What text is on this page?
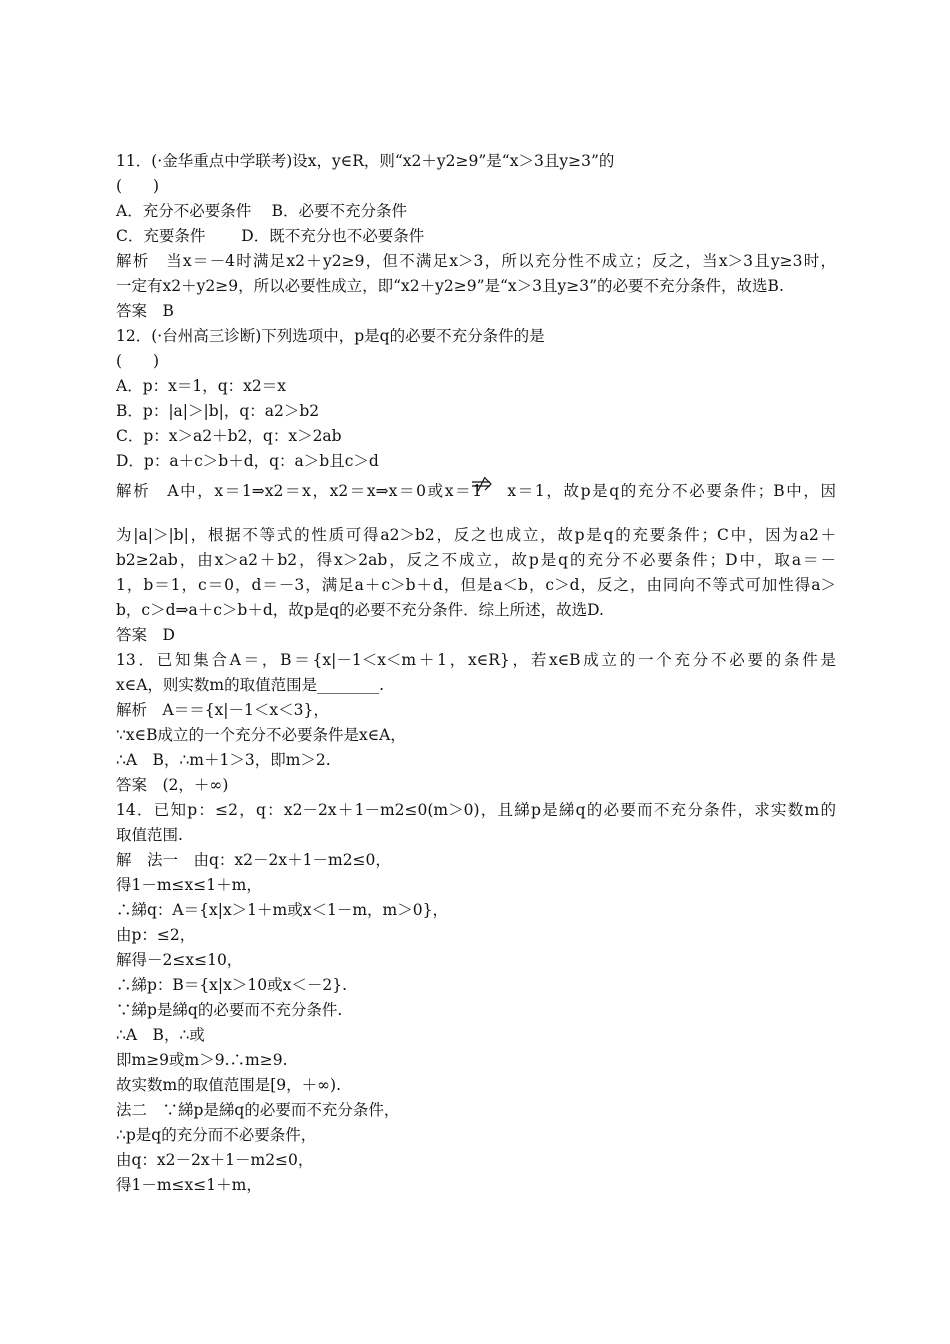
11．(·金华重点中学联考)设x，y∈R，则“x2＋y2≥9”是“x＞3且y≥3”的
(　　)
A．充分不必要条件　 B．必要不充分条件
C．充要条件　　 D．既不充分也不必要条件
解析　当x＝－4时满足x2＋y2≥9，但不满足x＞3，所以充分性不成立；反之，当x＞3且y≥3时，
一定有x2＋y2≥9，所以必要性成立，即“x2＋y2≥9”是“x＞3且y≥3”的必要不充分条件，故选B.
答案　B
12．(·台州高三诊断)下列选项中，p是q的必要不充分条件的是
(　　)
A．p：x＝1，q：x2＝x
B．p：|a|＞|b|，q：a2＞b2
C．p：x＞a2＋b2，q：x＞2ab
D．p：a＋c＞b＋d，q：a＞b且c＞d
解析　A中，x＝1⇒x2＝x，x2＝x⇒x＝0或x＝1　 x＝1，故p是q的充分不必要条件；B中，因
为|a|＞|b|，根据不等式的性质可得a2＞b2，反之也成立，故p是q的充要条件；C中，因为a2＋
b2≥2ab，由x＞a2＋b2，得x＞2ab，反之不成立，故p是q的充分不必要条件；D中，取a＝－
1，b＝1，c＝0，d＝－3，满足a＋c＞b＋d，但是a＜b，c＞d，反之，由同向不等式可加性得a＞
b，c＞d⇒a＋c＞b＋d，故p是q的必要不充分条件．综上所述，故选D.
答案　D
13．已知集合A＝，B＝{x|－1＜x＜m＋1，x∈R}，若x∈B成立的一个充分不必要的条件是
x∈A，则实数m的取值范围是________.
解析　A＝＝{x|－1＜x＜3}，
∵x∈B成立的一个充分不必要条件是x∈A，
∴A　B，∴m＋1＞3，即m＞2.
答案　(2，＋∞)
14．已知p：≤2，q：x2－2x＋1－m2≤0(m＞0)，且綈p是綈q的必要而不充分条件，求实数m的
取值范围.
解　法一　由q：x2－2x＋1－m2≤0，
得1－m≤x≤1＋m，
∴綈q：A＝{x|x＞1＋m或x＜1－m，m＞0}，
由p：≤2，
解得－2≤x≤10，
∴綈p：B＝{x|x＞10或x＜－2}.
∵綈p是綈q的必要而不充分条件.
∴A　B，∴或
即m≥9或m＞9.∴m≥9.
故实数m的取值范围是[9，＋∞).
法二　∵綈p是綈q的必要而不充分条件，
∴p是q的充分而不必要条件，
由q：x2－2x＋1－m2≤0，
得1－m≤x≤1＋m，
